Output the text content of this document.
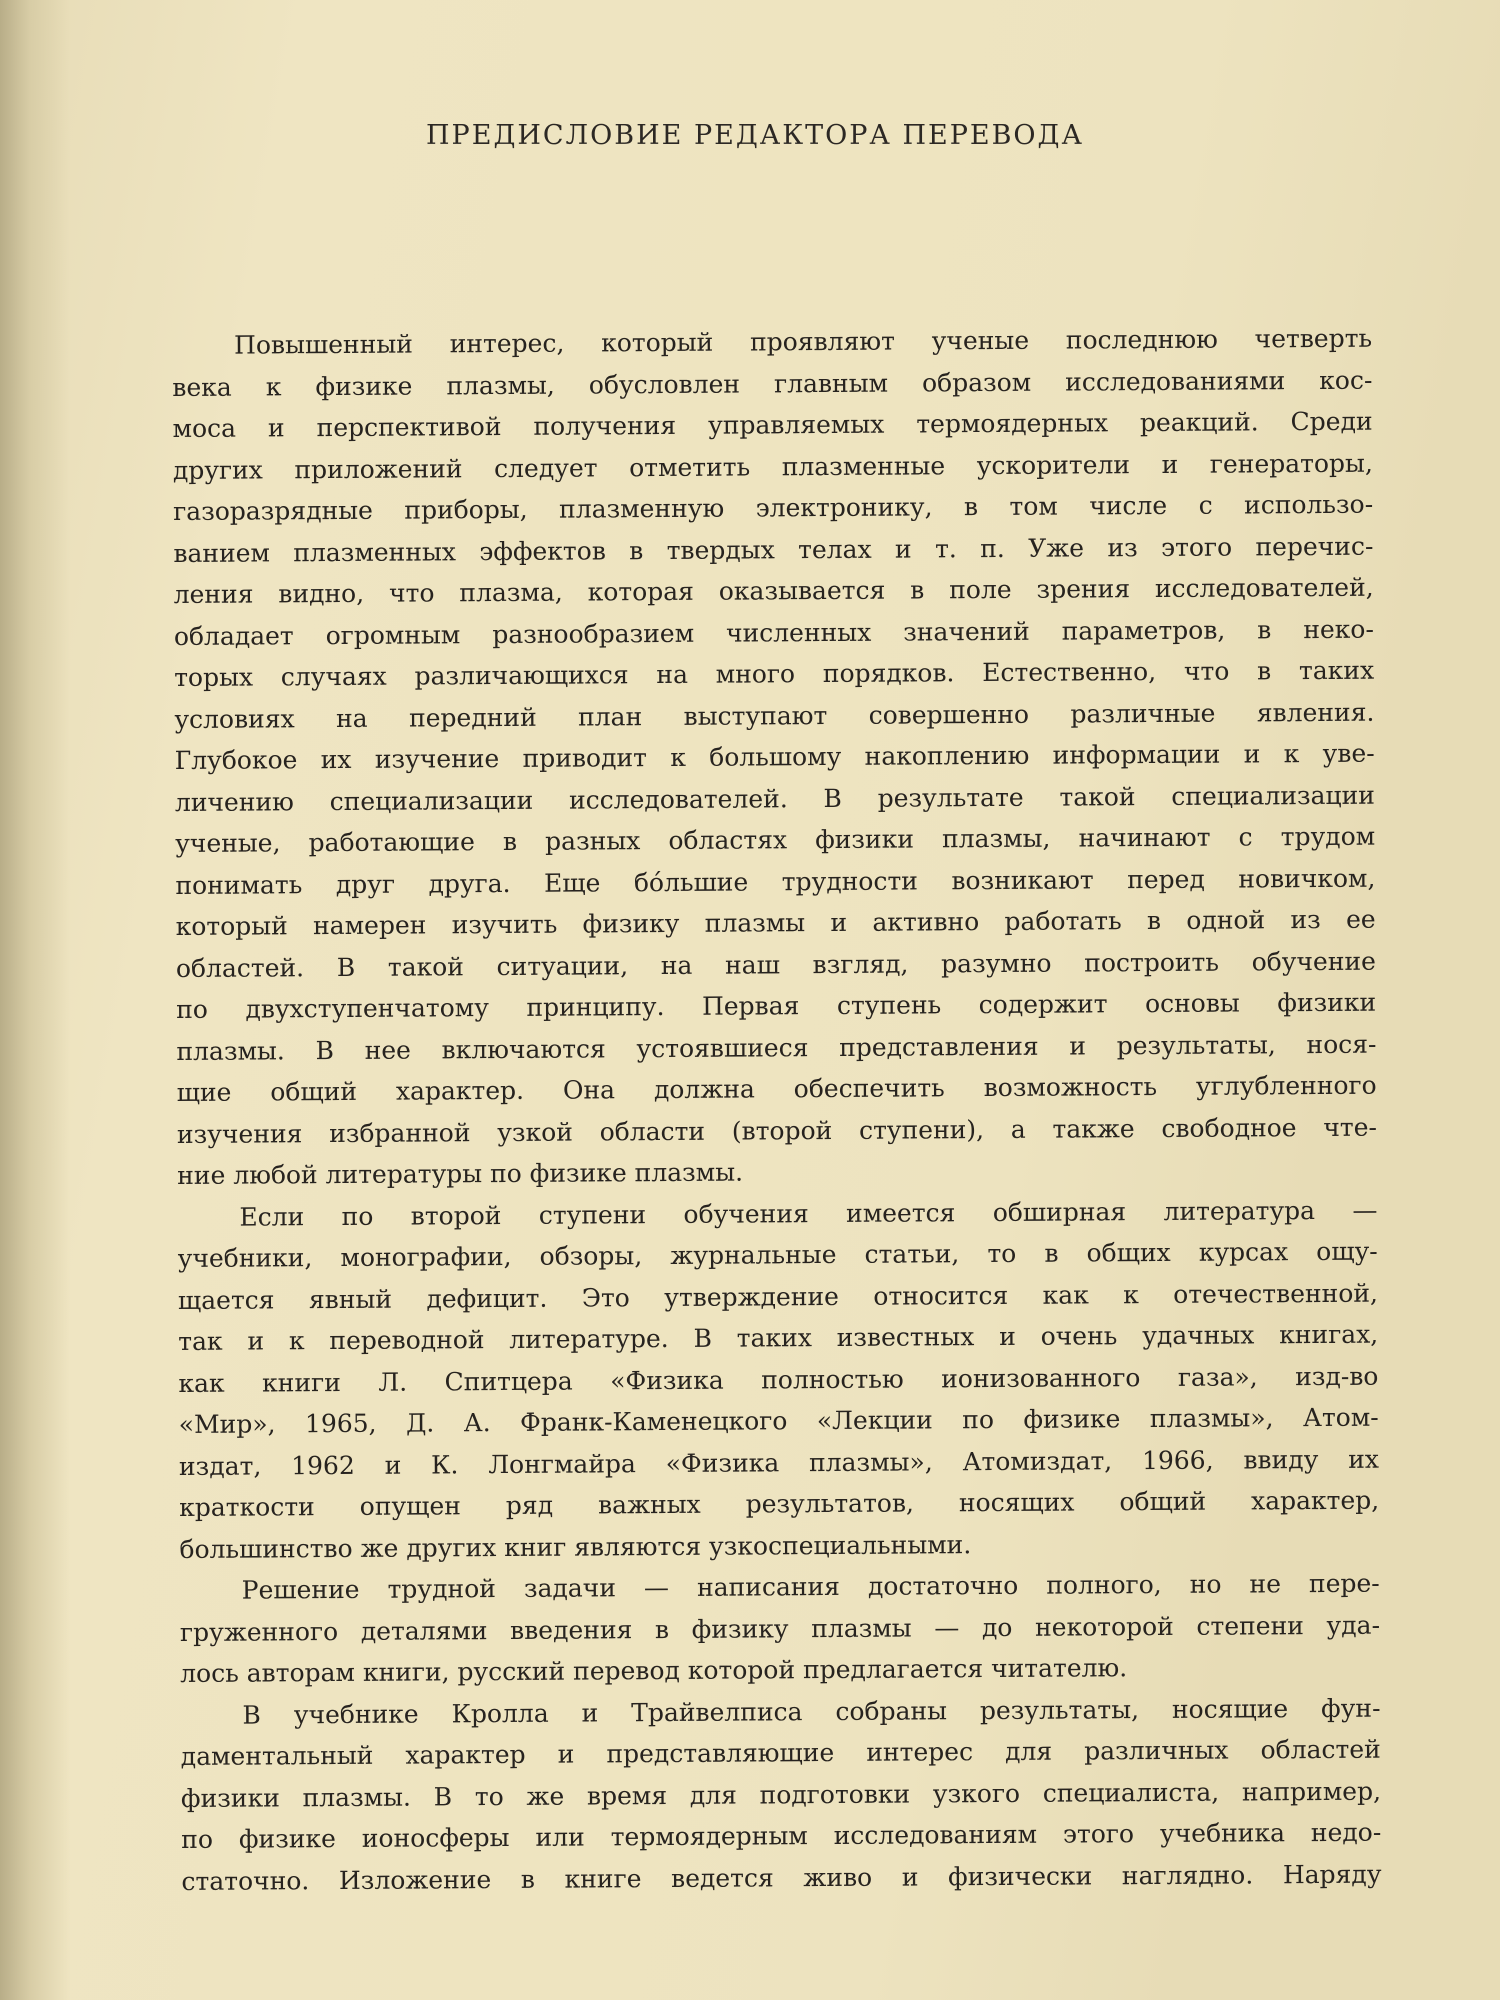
ПРЕДИСЛОВИЕ РЕДАКТОРА ПЕРЕВОДА
Повышенный интерес, который проявляют ученые последнюю четверть
века к физике плазмы, обусловлен главным образом исследованиями кос-
моса и перспективой получения управляемых термоядерных реакций. Среди
других приложений следует отметить плазменные ускорители и генераторы,
газоразрядные приборы, плазменную электронику, в том числе с использо-
ванием плазменных эффектов в твердых телах и т. п. Уже из этого перечис-
ления видно, что плазма, которая оказывается в поле зрения исследователей,
обладает огромным разнообразием численных значений параметров, в неко-
торых случаях различающихся на много порядков. Естественно, что в таких
условиях на передний план выступают совершенно различные явления.
Глубокое их изучение приводит к большому накоплению информации и к уве-
личению специализации исследователей. В результате такой специализации
ученые, работающие в разных областях физики плазмы, начинают с трудом
понимать друг друга. Еще бо́льшие трудности возникают перед новичком,
который намерен изучить физику плазмы и активно работать в одной из ее
областей. В такой ситуации, на наш взгляд, разумно построить обучение
по двухступенчатому принципу. Первая ступень содержит основы физики
плазмы. В нее включаются устоявшиеся представления и результаты, нося-
щие общий характер. Она должна обеспечить возможность углубленного
изучения избранной узкой области (второй ступени), а также свободное чте-
ние любой литературы по физике плазмы.
Если по второй ступени обучения имеется обширная литература —
учебники, монографии, обзоры, журнальные статьи, то в общих курсах ощу-
щается явный дефицит. Это утверждение относится как к отечественной,
так и к переводной литературе. В таких известных и очень удачных книгах,
как книги Л. Спитцера «Физика полностью ионизованного газа», изд-во
«Мир», 1965, Д. А. Франк-Каменецкого «Лекции по физике плазмы», Атом-
издат, 1962 и К. Лонгмайра «Физика плазмы», Атомиздат, 1966, ввиду их
краткости опущен ряд важных результатов, носящих общий характер,
большинство же других книг являются узкоспециальными.
Решение трудной задачи — написания достаточно полного, но не пере-
груженного деталями введения в физику плазмы — до некоторой степени уда-
лось авторам книги, русский перевод которой предлагается читателю.
В учебнике Кролла и Трайвелписа собраны результаты, носящие фун-
даментальный характер и представляющие интерес для различных областей
физики плазмы. В то же время для подготовки узкого специалиста, например,
по физике ионосферы или термоядерным исследованиям этого учебника недо-
статочно. Изложение в книге ведется живо и физически наглядно. Наряду
